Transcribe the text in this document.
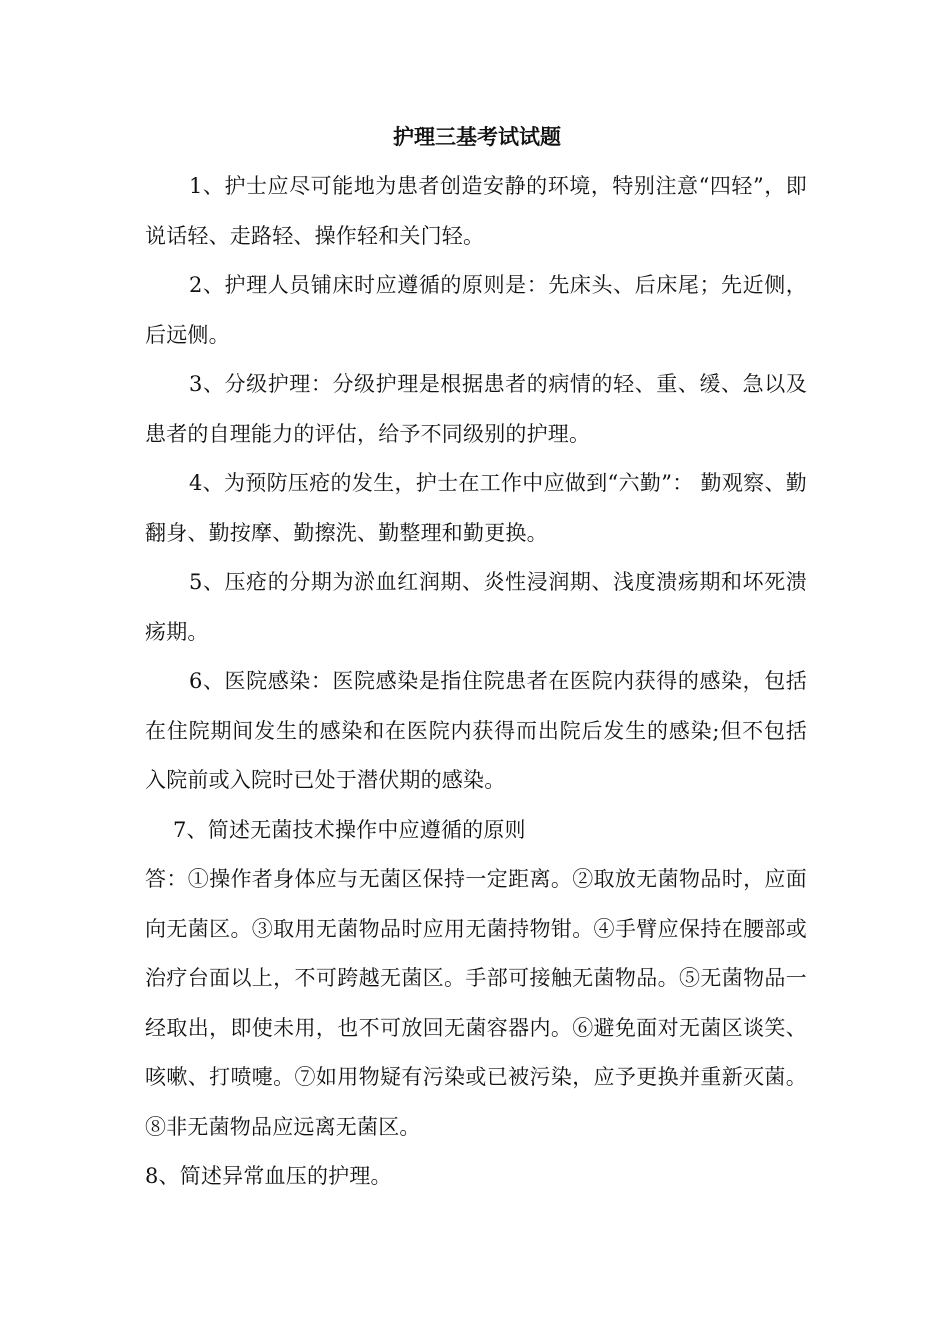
护理三基考试试题

1、护士应尽可能地为患者创造安静的环境，特别注意“四轻”，即说话轻、走路轻、操作轻和关门轻。

2、护理人员铺床时应遵循的原则是：先床头、后床尾；先近侧，后远侧。

3、分级护理：分级护理是根据患者的病情的轻、重、缓、急以及患者的自理能力的评估，给予不同级别的护理。

4、为预防压疮的发生，护士在工作中应做到“六勤”： 勤观察、勤翻身、勤按摩、勤擦洗、勤整理和勤更换。

5、压疮的分期为淤血红润期、炎性浸润期、浅度溃疡期和坏死溃疡期。

6、医院感染：医院感染是指住院患者在医院内获得的感染，包括在住院期间发生的感染和在医院内获得而出院后发生的感染;但不包括入院前或入院时已处于潜伏期的感染。

7、简述无菌技术操作中应遵循的原则

答：①操作者身体应与无菌区保持一定距离。②取放无菌物品时，应面向无菌区。③取用无菌物品时应用无菌持物钳。④手臂应保持在腰部或治疗台面以上，不可跨越无菌区。手部可接触无菌物品。⑤无菌物品一经取出，即使未用，也不可放回无菌容器内。⑥避免面对无菌区谈笑、咳嗽、打喷嚏。⑦如用物疑有污染或已被污染，应予更换并重新灭菌。⑧非无菌物品应远离无菌区。

8、简述异常血压的护理。
